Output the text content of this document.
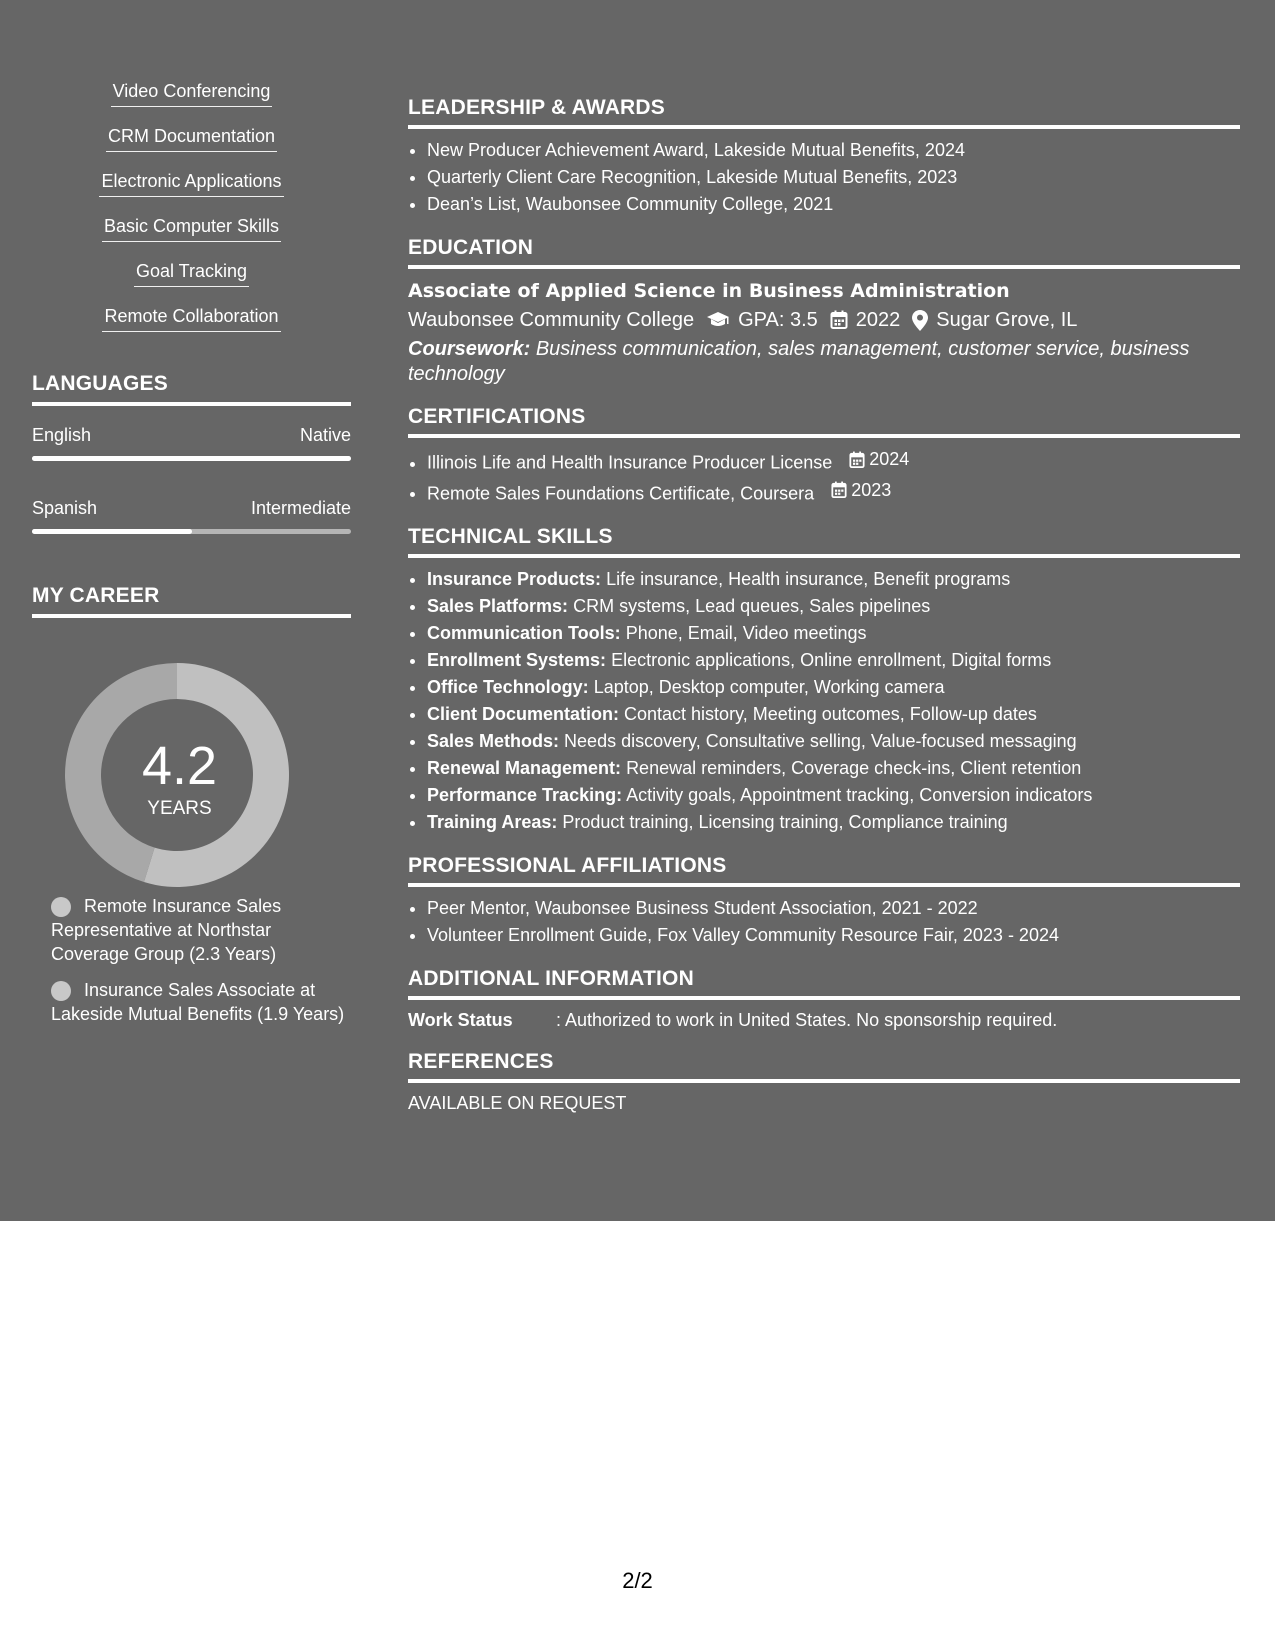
Video Conferencing
CRM Documentation
Electronic Applications
Basic Computer Skills
Goal Tracking
Remote Collaboration
LANGUAGES
English	Native
Spanish	Intermediate
MY CAREER
4.2
YEARS
Remote Insurance Sales Representative at Northstar Coverage Group (2.3 Years)
Insurance Sales Associate at Lakeside Mutual Benefits (1.9 Years)
LEADERSHIP & AWARDS
• New Producer Achievement Award, Lakeside Mutual Benefits, 2024
• Quarterly Client Care Recognition, Lakeside Mutual Benefits, 2023
• Dean’s List, Waubonsee Community College, 2021
EDUCATION
Associate of Applied Science in Business Administration
Waubonsee Community College GPA: 3.5 2022 Sugar Grove, IL
Coursework: Business communication, sales management, customer service, business technology
CERTIFICATIONS
• Illinois Life and Health Insurance Producer License 2024
• Remote Sales Foundations Certificate, Coursera 2023
TECHNICAL SKILLS
• Insurance Products: Life insurance, Health insurance, Benefit programs
• Sales Platforms: CRM systems, Lead queues, Sales pipelines
• Communication Tools: Phone, Email, Video meetings
• Enrollment Systems: Electronic applications, Online enrollment, Digital forms
• Office Technology: Laptop, Desktop computer, Working camera
• Client Documentation: Contact history, Meeting outcomes, Follow-up dates
• Sales Methods: Needs discovery, Consultative selling, Value-focused messaging
• Renewal Management: Renewal reminders, Coverage check-ins, Client retention
• Performance Tracking: Activity goals, Appointment tracking, Conversion indicators
• Training Areas: Product training, Licensing training, Compliance training
PROFESSIONAL AFFILIATIONS
• Peer Mentor, Waubonsee Business Student Association, 2021 - 2022
• Volunteer Enrollment Guide, Fox Valley Community Resource Fair, 2023 - 2024
ADDITIONAL INFORMATION
Work Status	: Authorized to work in United States. No sponsorship required.
REFERENCES
AVAILABLE ON REQUEST
2/2
